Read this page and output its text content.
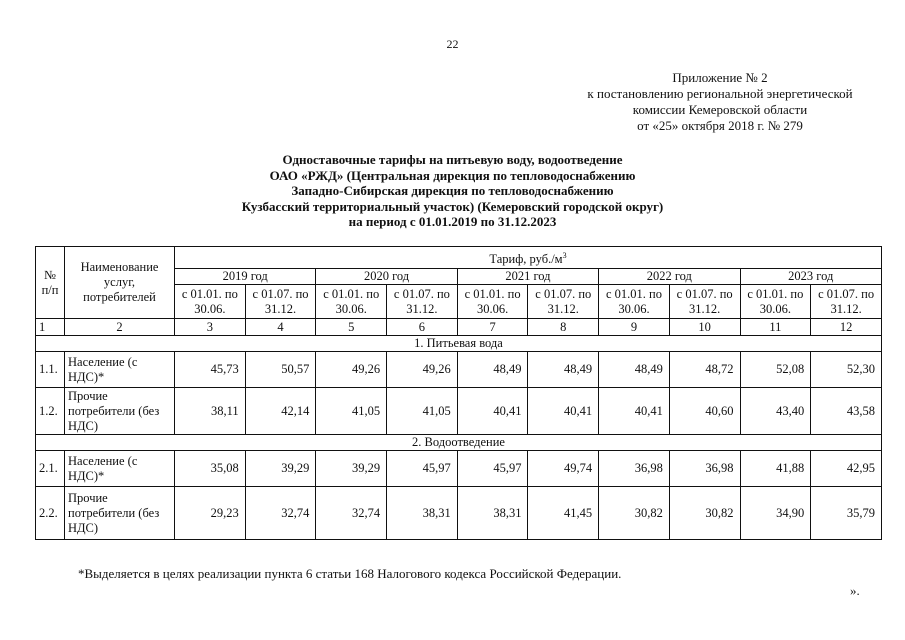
22
Приложение № 2
к постановлению региональной энергетической
комиссии Кемеровской области
от «25» октября 2018 г. № 279
Одноставочные тарифы на питьевую воду, водоотведение
ОАО «РЖД» (Центральная дирекция по тепловодоснабжению
Западно-Сибирская дирекция по тепловодоснабжению
Кузбасский территориальный участок) (Кемеровский городской округ)
на период с 01.01.2019 по 31.12.2023
№ п/п	Наименование услуг, потребителей	Тариф, $руб./м^3$
		2019 год		2020 год		2021 год		2022 год		2023 год	
		с 01.01. по 30.06.	с 01.07. по 31.12.	с 01.01. по 30.06.	с 01.07. по 31.12.	с 01.01. по 30.06.	с 01.07. по 31.12.	с 01.01. по 30.06.	с 01.07. по 31.12.	с 01.01. по 30.06.	с 01.07. по 31.12.
1	2	3	4	5	6	7	8	9	10	11	12
1. Питьевая вода											
1.1.	Население (с НДС)*	45,73	50,57	49,26	49,26	48,49	48,49	48,49	48,72	52,08	52,30
1.2.	Прочие потребители (без НДС)	38,11	42,14	41,05	41,05	40,41	40,41	40,41	40,60	43,40	43,58
2. Водоотведение											
2.1.	Население (с НДС)*	35,08	39,29	39,29	45,97	45,97	49,74	36,98	36,98	41,88	42,95
2.2.	Прочие потребители (без НДС)	29,23	32,74	32,74	38,31	38,31	41,45	30,82	30,82	34,90	35,79
*Выделяется в целях реализации пункта 6 статьи 168 Налогового кодекса Российской Федерации.
».
